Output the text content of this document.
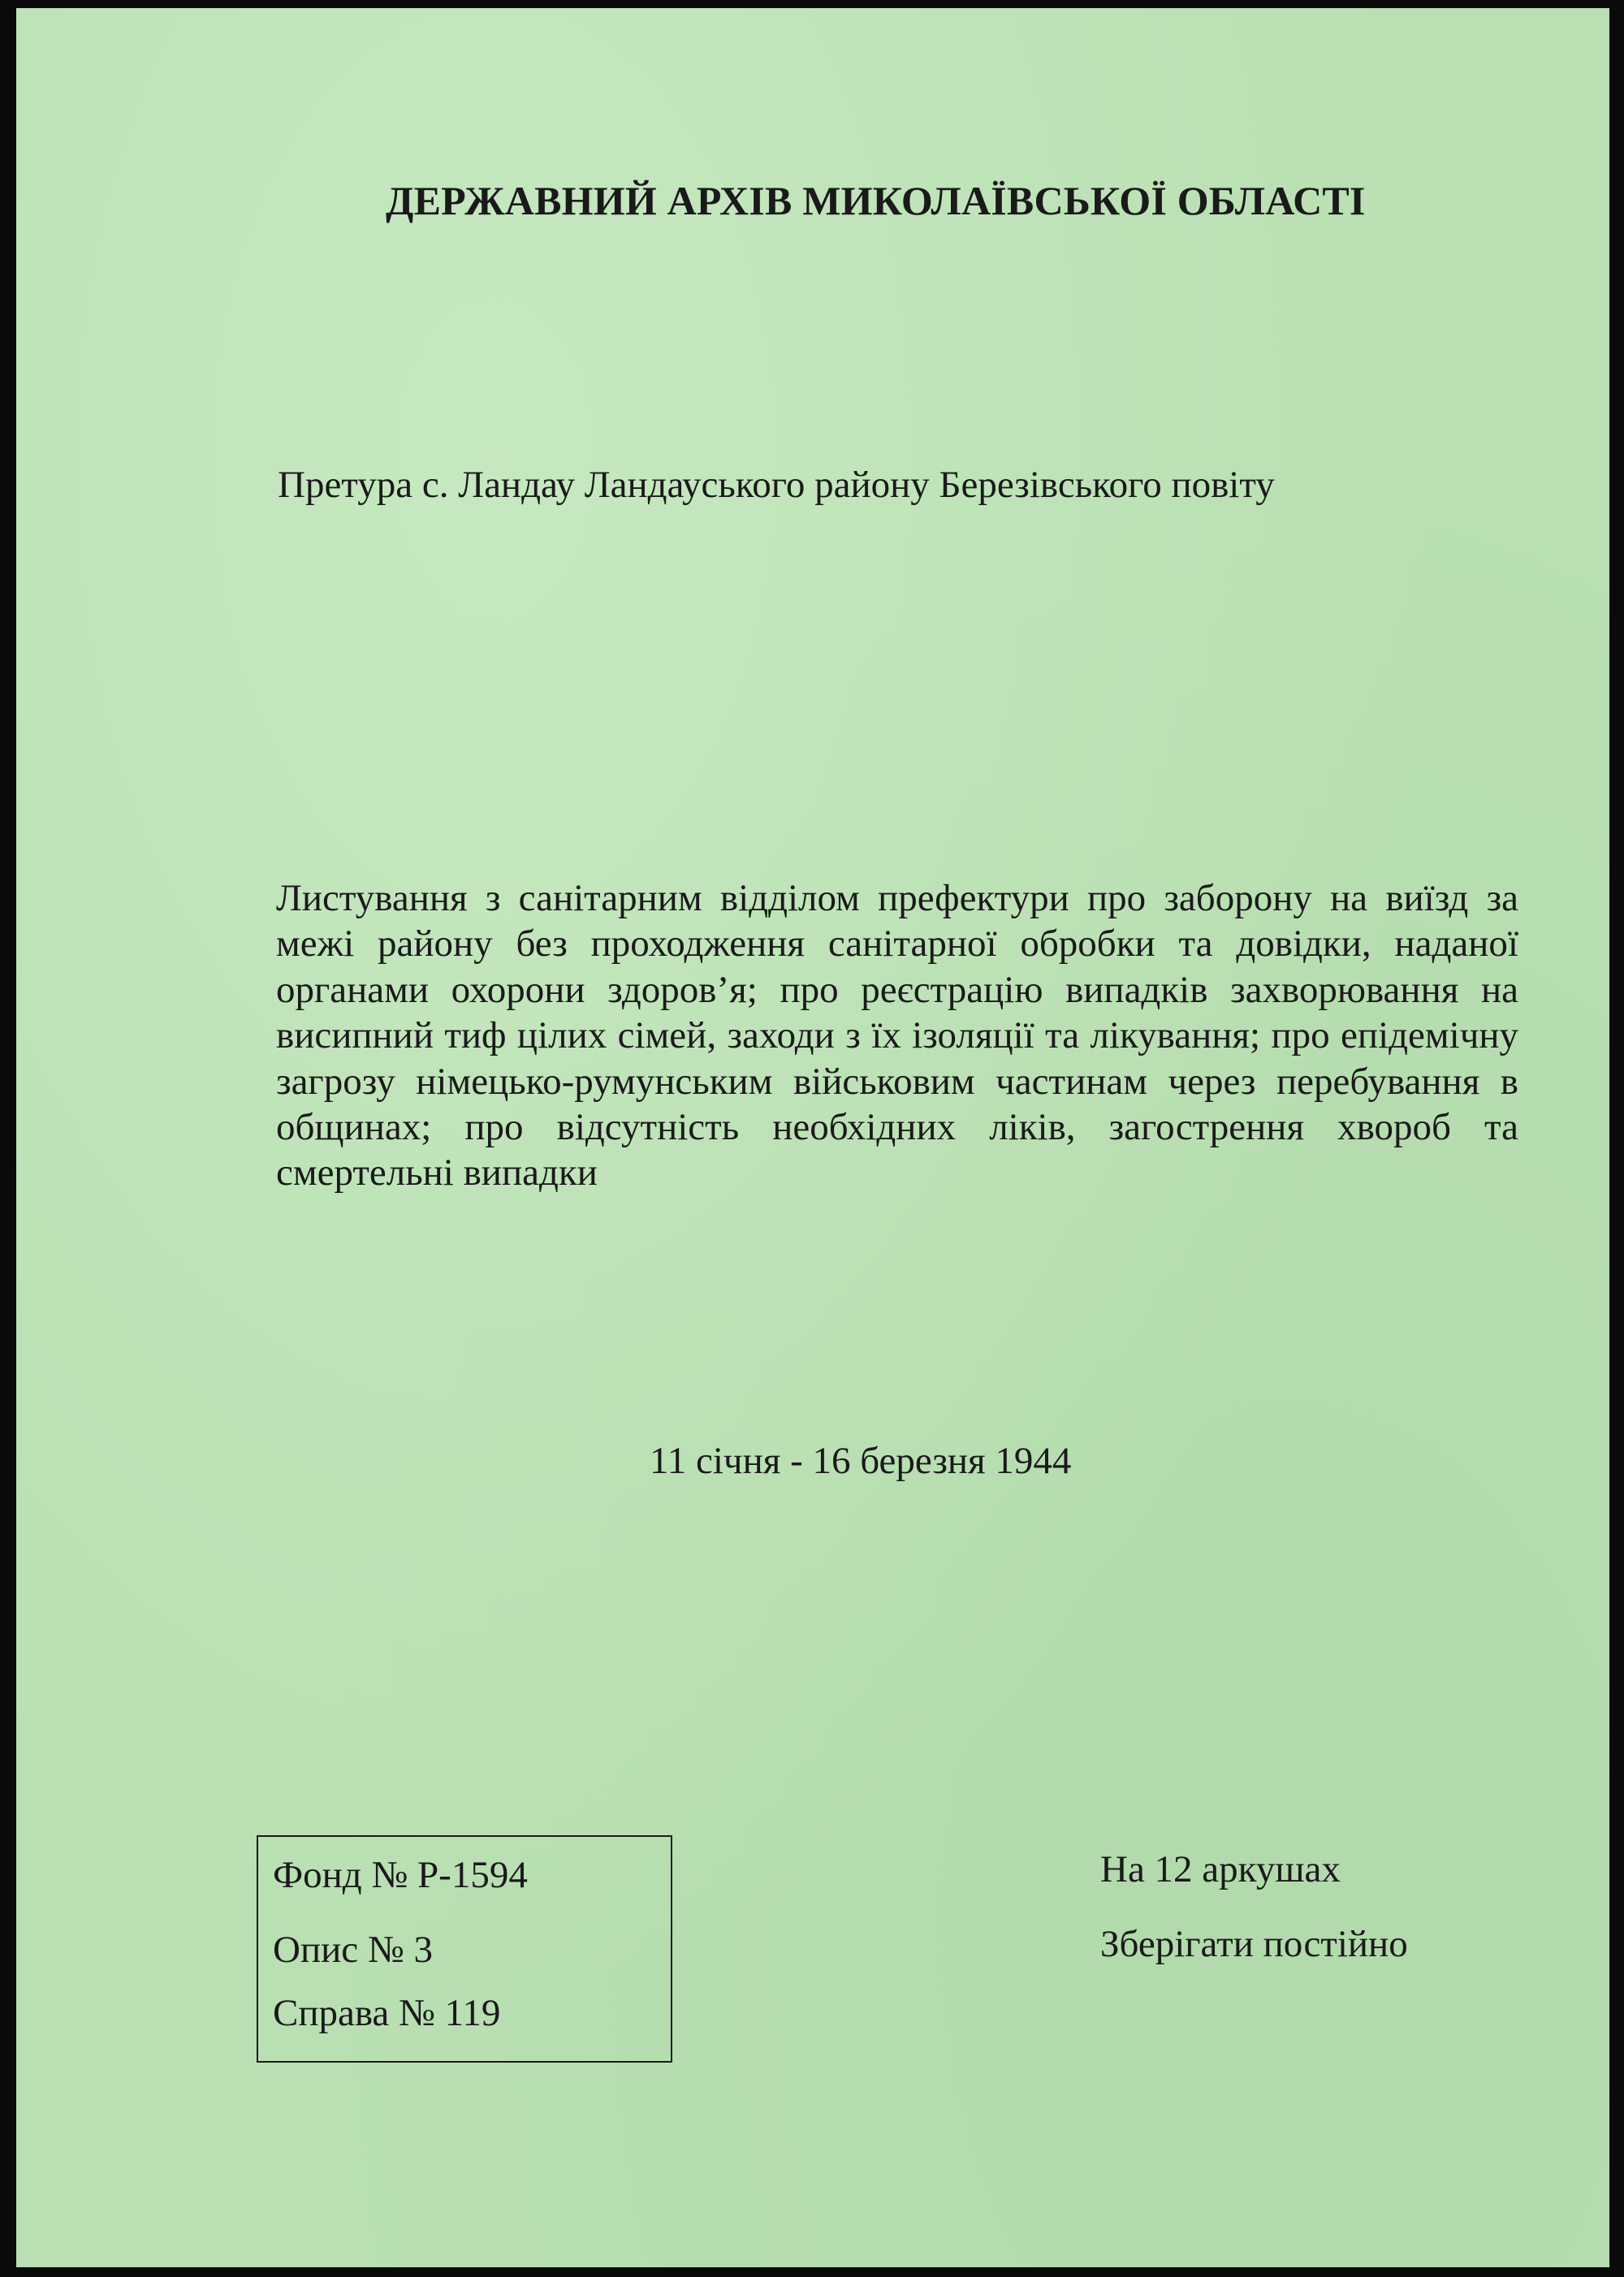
ДЕРЖАВНИЙ АРХІВ МИКОЛАЇВСЬКОЇ ОБЛАСТІ
Претура с. Ландау Ландауського району Березівського повіту
Листування з санітарним відділом префектури про заборону на виїзд за межі району без проходження санітарної обробки та довідки, наданої органами охорони здоров’я; про реєстрацію випадків захворювання на висипний тиф цілих сімей, заходи з їх ізоляції та лікування; про епідемічну загрозу німецько-румунським військовим частинам через перебування в общинах; про відсутність необхідних ліків, загострення хвороб та смертельні випадки
11 січня - 16 березня 1944
Фонд № Р-1594
Опис № 3
Справа № 119
На 12 аркушах
Зберігати постійно
